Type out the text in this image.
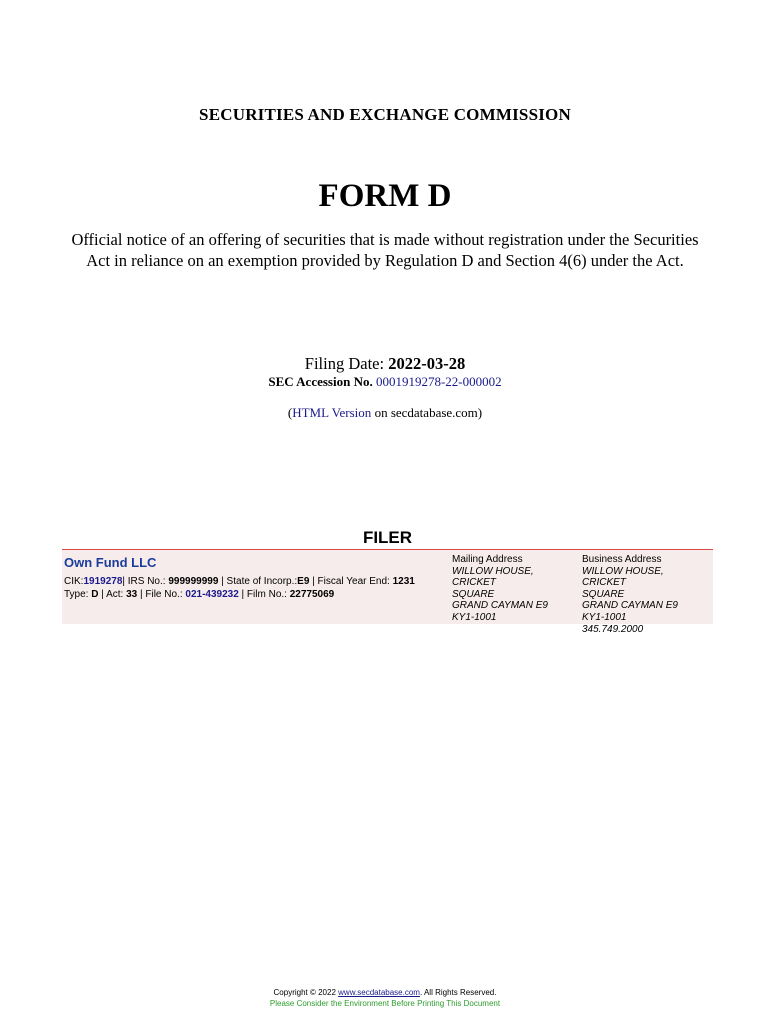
SECURITIES AND EXCHANGE COMMISSION
FORM D
Official notice of an offering of securities that is made without registration under the Securities
Act in reliance on an exemption provided by Regulation D and Section 4(6) under the Act.
Filing Date: 2022-03-28
SEC Accession No. 0001919278-22-000002
(HTML Version on secdatabase.com)
FILER
Own Fund LLC
CIK:1919278| IRS No.: 999999999 | State of Incorp.:E9 | Fiscal Year End: 1231
Type: D | Act: 33 | File No.: 021-439232 | Film No.: 22775069
Mailing Address
WILLOW HOUSE, CRICKET
SQUARE
GRAND CAYMAN E9
KY1-1001
Business Address
WILLOW HOUSE, CRICKET
SQUARE
GRAND CAYMAN E9
KY1-1001
345.749.2000
Copyright © 2022 www.secdatabase.com. All Rights Reserved.
Please Consider the Environment Before Printing This Document
